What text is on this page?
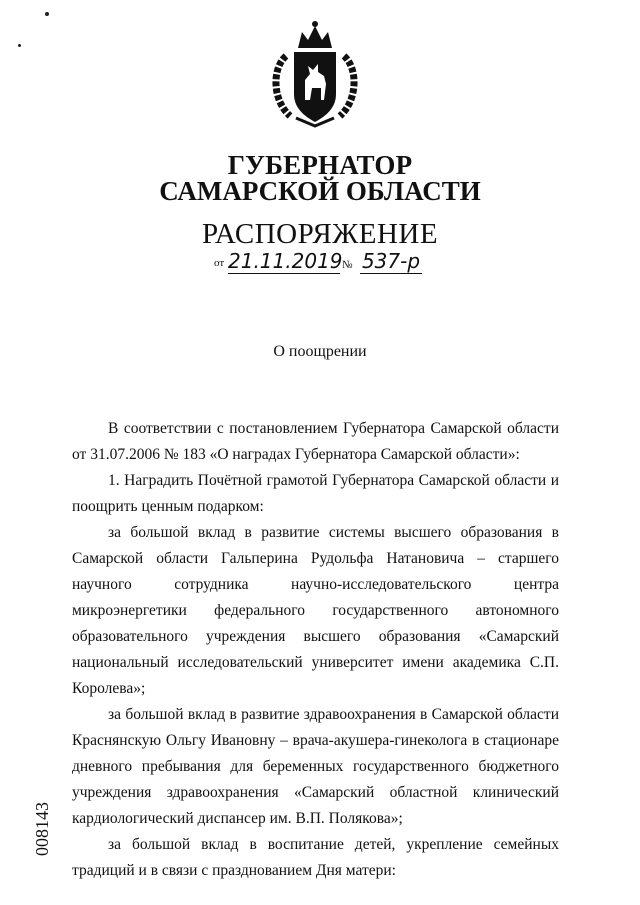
ГУБЕРНАТОР
САМАРСКОЙ ОБЛАСТИ
РАСПОРЯЖЕНИЕ
от 21.11.2019 № 537-р
О поощрении

В соответствии с постановлением Губернатора Самарской области от 31.07.2006 № 183 «О наградах Губернатора Самарской области»:

1. Наградить Почётной грамотой Губернатора Самарской области и поощрить ценным подарком:

за большой вклад в развитие системы высшего образования в Самарской области Гальперина Рудольфа Натановича – старшего научного сотрудника научно-исследовательского центра микроэнергетики федерального государственного автономного образовательного учреждения высшего образования «Самарский национальный исследовательский университет имени академика С.П. Королева»;

за большой вклад в развитие здравоохранения в Самарской области Краснянскую Ольгу Ивановну – врача-акушера-гинеколога в стационаре дневного пребывания для беременных государственного бюджетного учреждения здравоохранения «Самарский областной клинический кардиологический диспансер им. В.П. Полякова»;

за большой вклад в воспитание детей, укрепление семейных традиций и в связи с празднованием Дня матери:

008143
